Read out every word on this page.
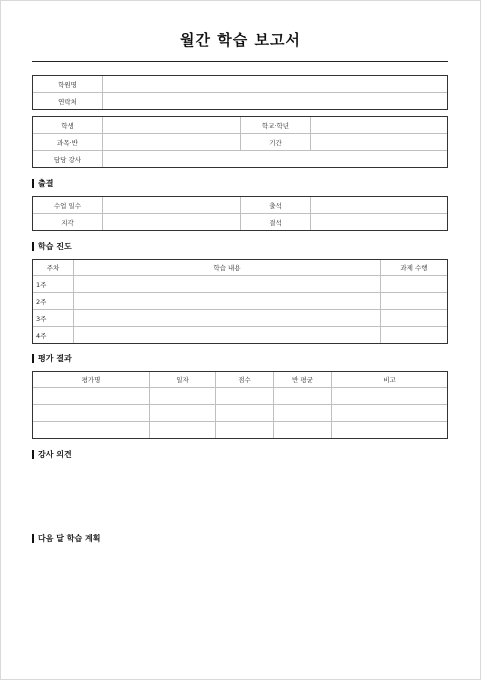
월간 학습 보고서
학원명	
연락처	
학생		학교·학년	
과목·반		기간	
담당 강사			
출결
수업 일수		출석	
지각		결석	
학습 진도
주차	학습 내용	과제 수행
1주		
2주		
3주		
4주		
평가 결과
평가명	일자	점수	반 평균	비고

강사 의견
다음 달 학습 계획
